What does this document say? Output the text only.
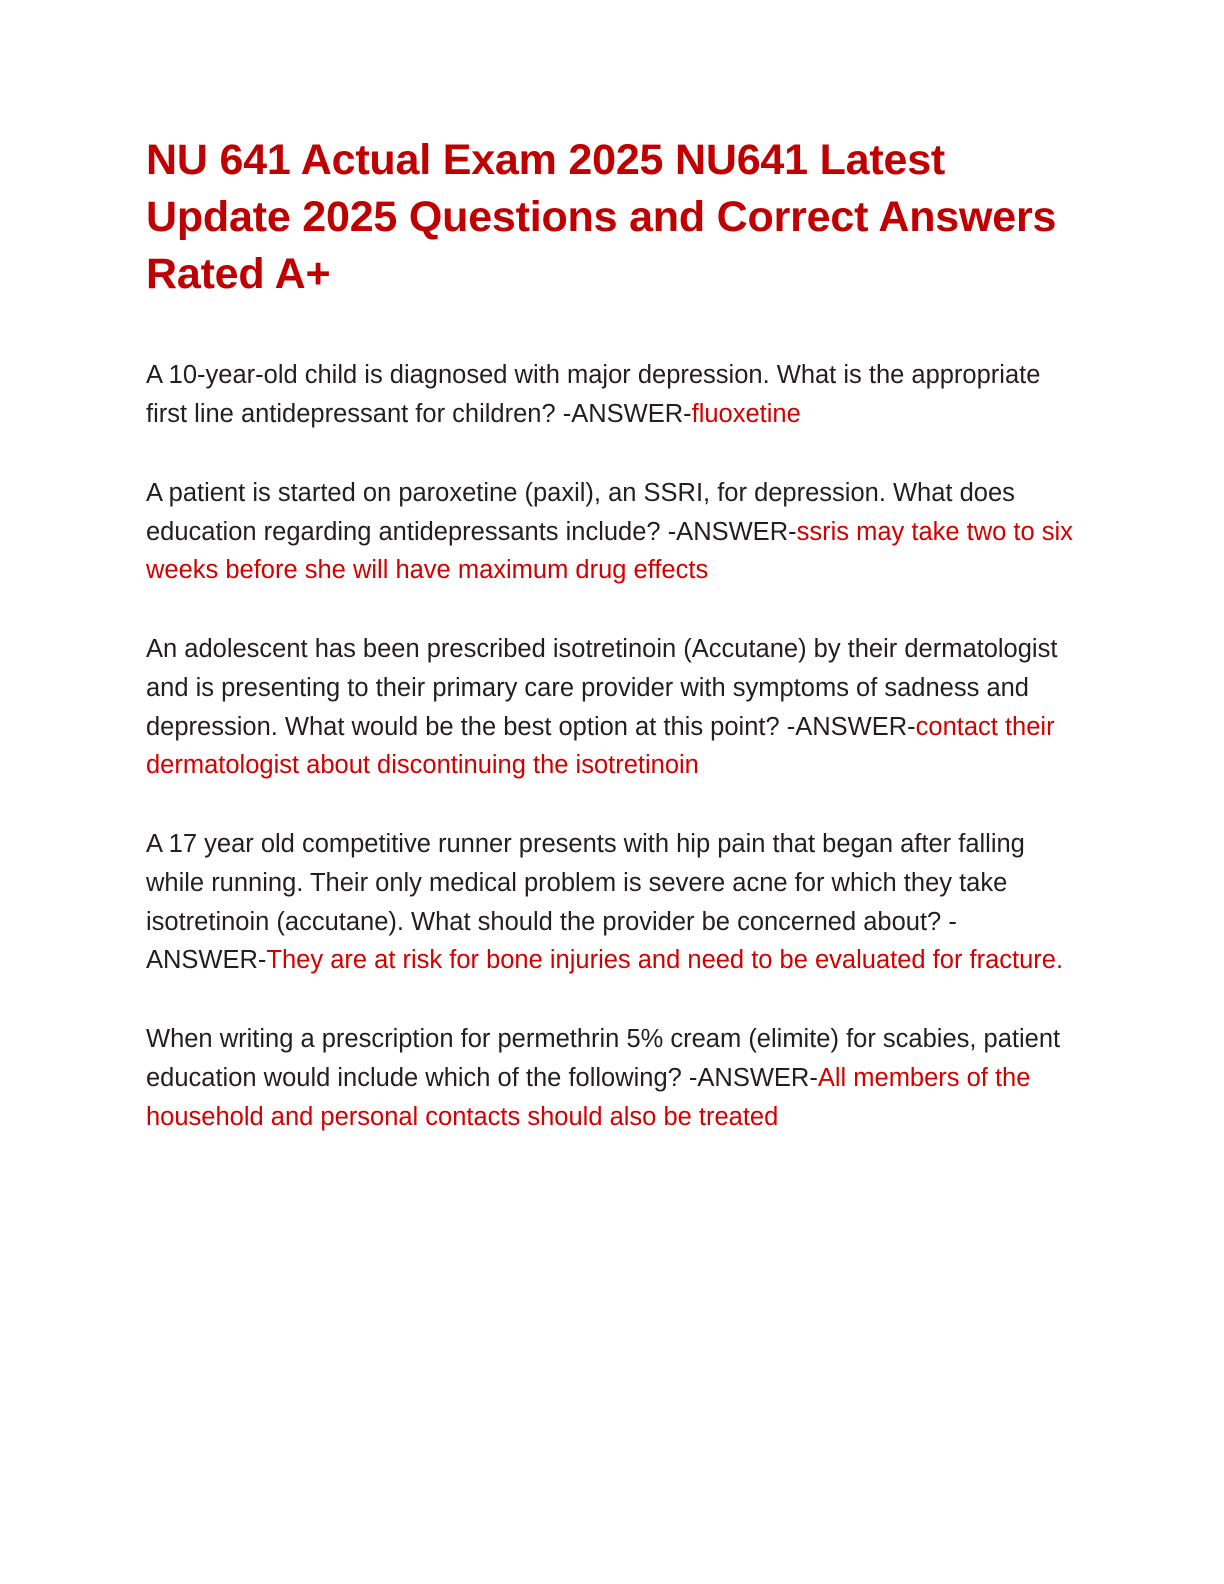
NU 641 Actual Exam 2025 NU641 Latest Update 2025 Questions and Correct Answers Rated A+

A 10-year-old child is diagnosed with major depression. What is the appropriate first line antidepressant for children? -ANSWER-fluoxetine

A patient is started on paroxetine (paxil), an SSRI, for depression. What does education regarding antidepressants include? -ANSWER-ssris may take two to six weeks before she will have maximum drug effects

An adolescent has been prescribed isotretinoin (Accutane) by their dermatologist and is presenting to their primary care provider with symptoms of sadness and depression. What would be the best option at this point? -ANSWER-contact their dermatologist about discontinuing the isotretinoin

A 17 year old competitive runner presents with hip pain that began after falling while running. Their only medical problem is severe acne for which they take isotretinoin (accutane). What should the provider be concerned about? -ANSWER-They are at risk for bone injuries and need to be evaluated for fracture.

When writing a prescription for permethrin 5% cream (elimite) for scabies, patient education would include which of the following? -ANSWER-All members of the household and personal contacts should also be treated
